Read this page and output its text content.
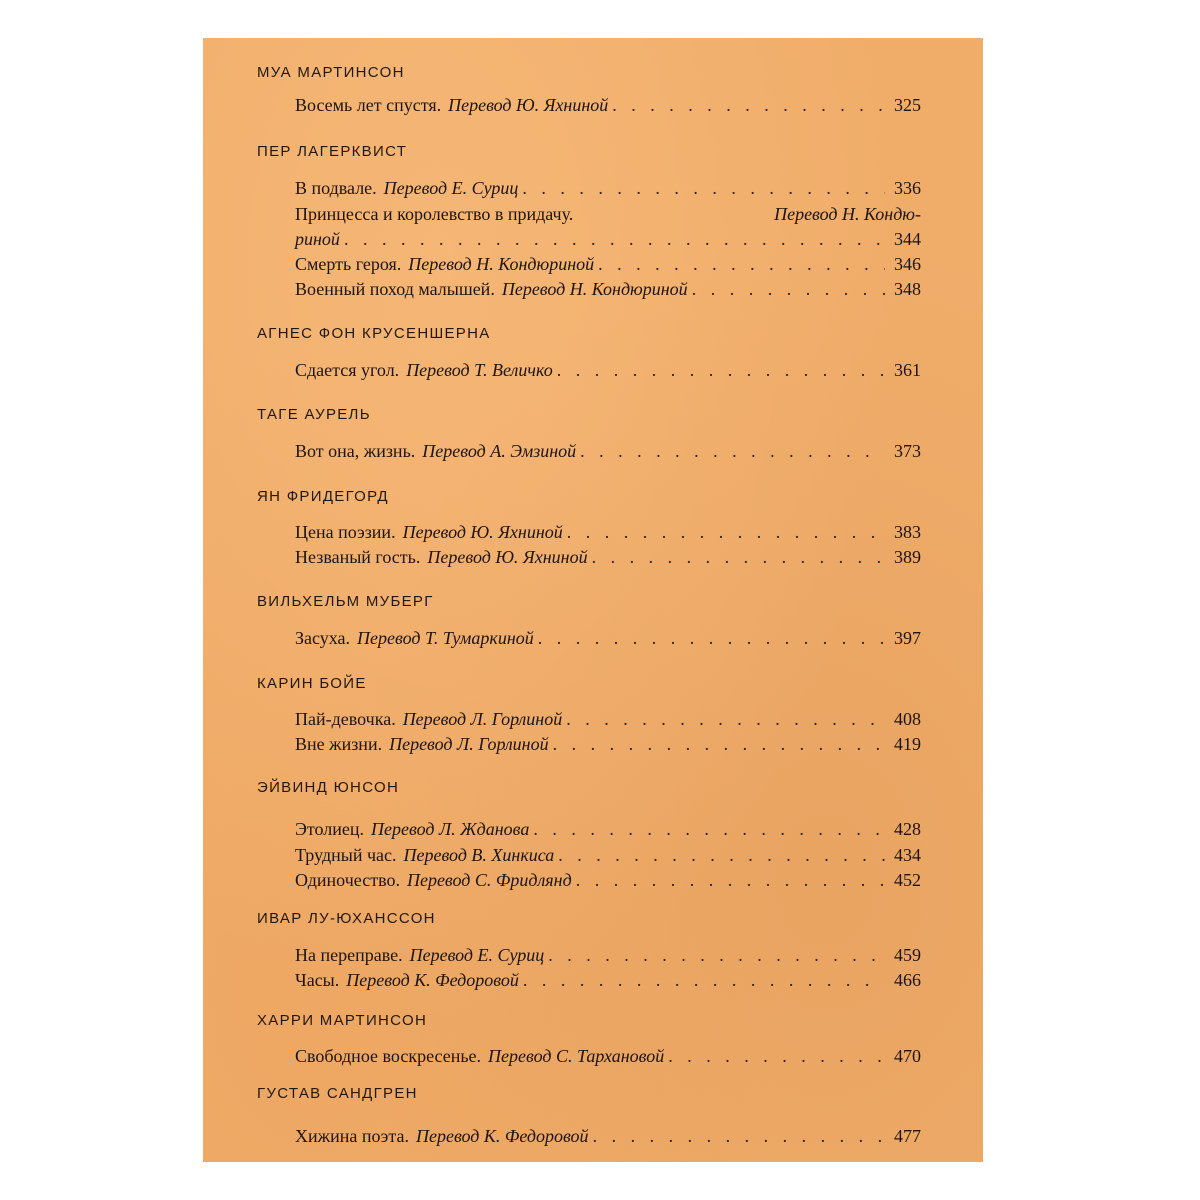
МУА МАРТИНСОН
Восемь лет спустя. Перевод Ю. Яхниной . . .	325
ПЕР ЛАГЕРКВИСТ
В подвале. Перевод Е. Суриц . . .	336
Принцесса и королевство в придачу.	Перевод Н. Кондю-
риной . . .	344
Смерть героя. Перевод Н. Кондюриной . . .	346
Военный поход малышей. Перевод Н. Кондюриной . . .	348
АГНЕС ФОН КРУСЕНШЕРНА
Сдается угол. Перевод Т. Величко . . .	361
ТАГЕ АУРЕЛЬ
Вот она, жизнь. Перевод А. Эмзиной . . .	373
ЯН ФРИДЕГОРД
Цена поэзии. Перевод Ю. Яхниной . . .	383
Незваный гость. Перевод Ю. Яхниной . . .	389
ВИЛЬХЕЛЬМ МУБЕРГ
Засуха. Перевод Т. Тумаркиной . . .	397
КАРИН БОЙЕ
Пай-девочка. Перевод Л. Горлиной . . .	408
Вне жизни. Перевод Л. Горлиной . . .	419
ЭЙВИНД ЮНСОН
Этолиец. Перевод Л. Жданова . . .	428
Трудный час. Перевод В. Хинкиса . . .	434
Одиночество. Перевод С. Фридлянд . . .	452
ИВАР ЛУ-ЮХАНССОН
На переправе. Перевод Е. Суриц . . .	459
Часы. Перевод К. Федоровой . . .	466
ХАРРИ МАРТИНСОН
Свободное воскресенье. Перевод С. Тархановой . . .	470
ГУСТАВ САНДГРЕН
Хижина поэта. Перевод К. Федоровой . . .	477
